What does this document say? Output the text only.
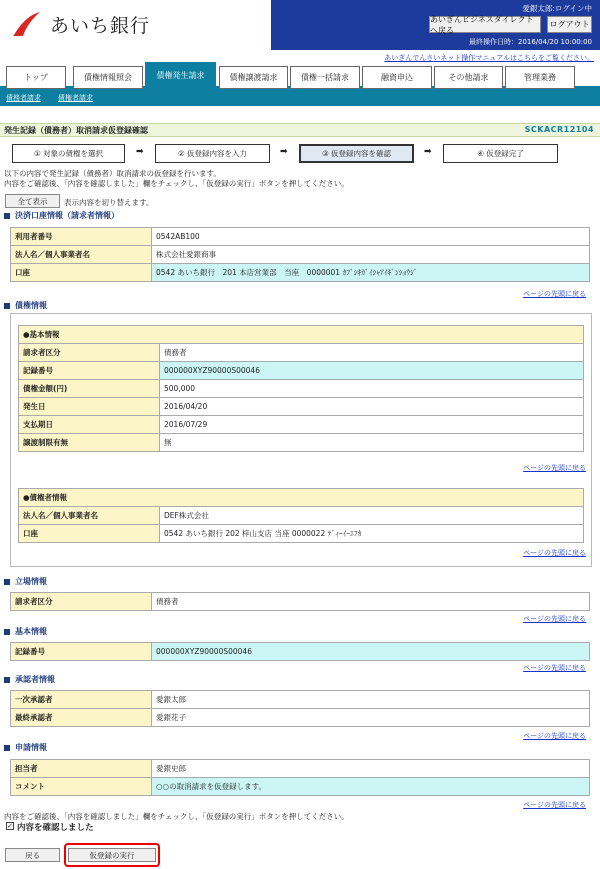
あいち銀行
愛銀太郎:ログイン中
あいぎんビジネスダイレクトへ戻る
ログアウト
最終操作日時：2016/04/20 10:00:00
あいぎんでんさいネット操作マニュアルはこちらをご覧ください。
トップ	債権情報照会	債権発生請求	債権譲渡請求	債権一括請求	融資申込	その他請求	管理業務
債務者請求 債権者請求
発生記録（債務者）取消請求仮登録確認	SCKACR12104
① 対象の債権を選択	➡	② 仮登録内容を入力	➡	③ 仮登録内容を確認	➡	④ 仮登録完了
以下の内容で発生記録（債務者）取消請求の仮登録を行います。
内容をご確認後、「内容を確認しました」欄をチェックし、「仮登録の実行」ボタンを押してください。
全て表示	表示内容を切り替えます。
決済口座情報（請求者情報）
利用者番号	0542AB100
法人名／個人事業者名	株式会社愛銀商事
口座	0542 あいち銀行　201 本店営業部　当座　0000001 ｶﾌﾞｼｷｶﾞｲｼｬｱｲｷﾞﾝｼｮｳｼﾞ
ページの先頭に戻る
債権情報
●基本情報	
請求者区分	債務者
記録番号	000000XYZ90000S00046
債権金額(円)	500,000
発生日	2016/04/20
支払期日	2016/07/29
譲渡制限有無	無
ページの先頭に戻る
●債権者情報	
法人名／個人事業者名	DEF株式会社
口座	0542 あいち銀行 202 梓山支店 当座 0000022 ﾃﾞｨｰｲｰｴﾌｶ
ページの先頭に戻る
立場情報
請求者区分	債務者
ページの先頭に戻る
基本情報
記録番号	000000XYZ90000S00046
ページの先頭に戻る
承認者情報
一次承認者	愛銀太郎
最終承認者	愛銀花子
ページの先頭に戻る
申請情報
担当者	愛銀史郎
コメント	○○の取消請求を仮登録します。
ページの先頭に戻る
内容をご確認後、「内容を確認しました」欄をチェックし、「仮登録の実行」ボタンを押してください。
✓ 内容を確認しました
戻る	仮登録の実行
